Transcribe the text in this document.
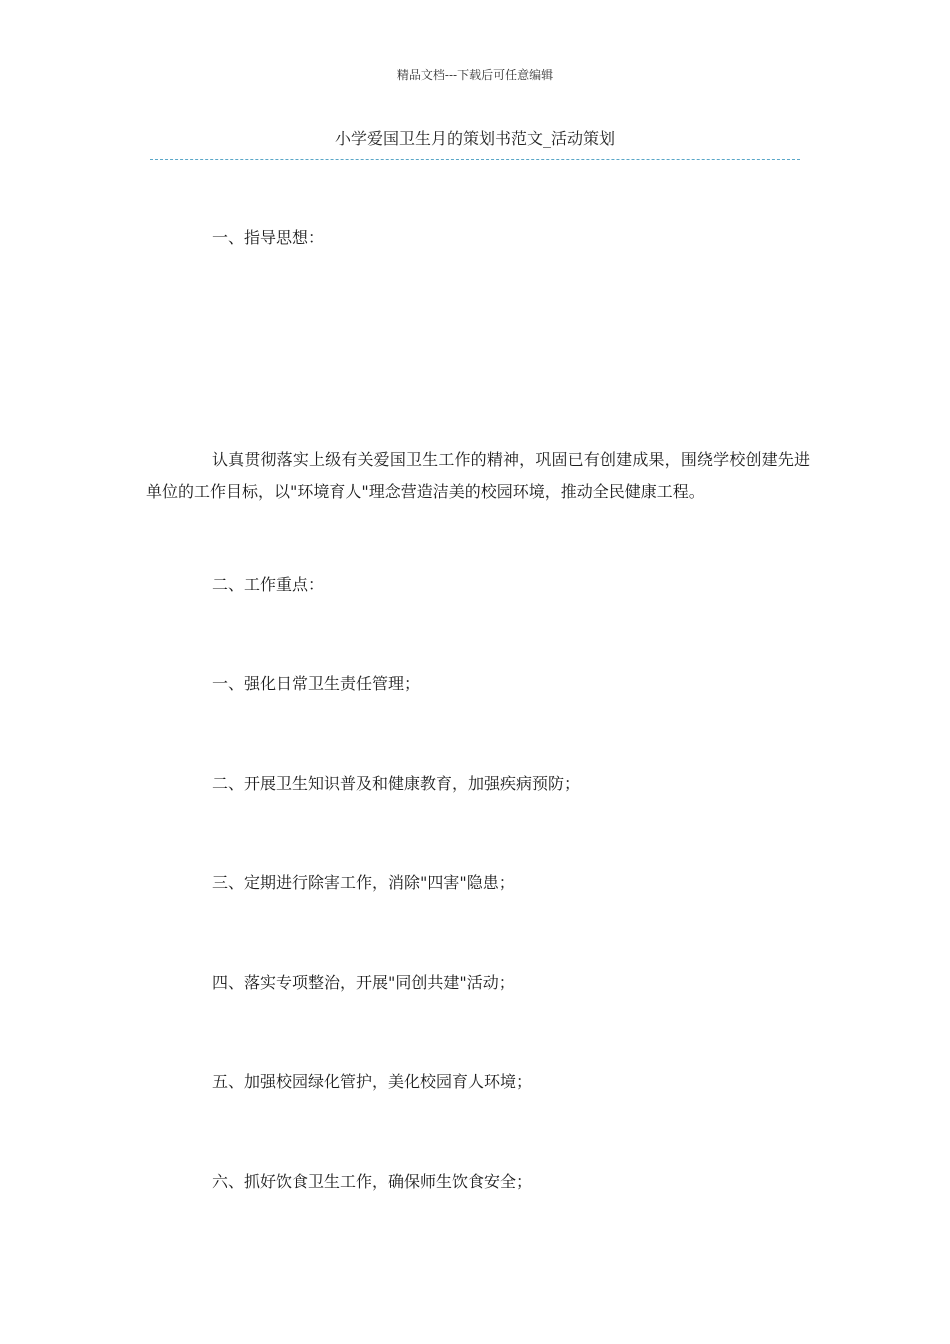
精品文档---下载后可任意编辑
小学爱国卫生月的策划书范文_活动策划
一、指导思想：
认真贯彻落实上级有关爱国卫生工作的精神，巩固已有创建成果，围绕学校创建先进单位的工作目标，以"环境育人"理念营造洁美的校园环境，推动全民健康工程。
二、工作重点：
一、强化日常卫生责任管理；
二、开展卫生知识普及和健康教育，加强疾病预防；
三、定期进行除害工作，消除"四害"隐患；
四、落实专项整治，开展"同创共建"活动；
五、加强校园绿化管护，美化校园育人环境；
六、抓好饮食卫生工作，确保师生饮食安全；
